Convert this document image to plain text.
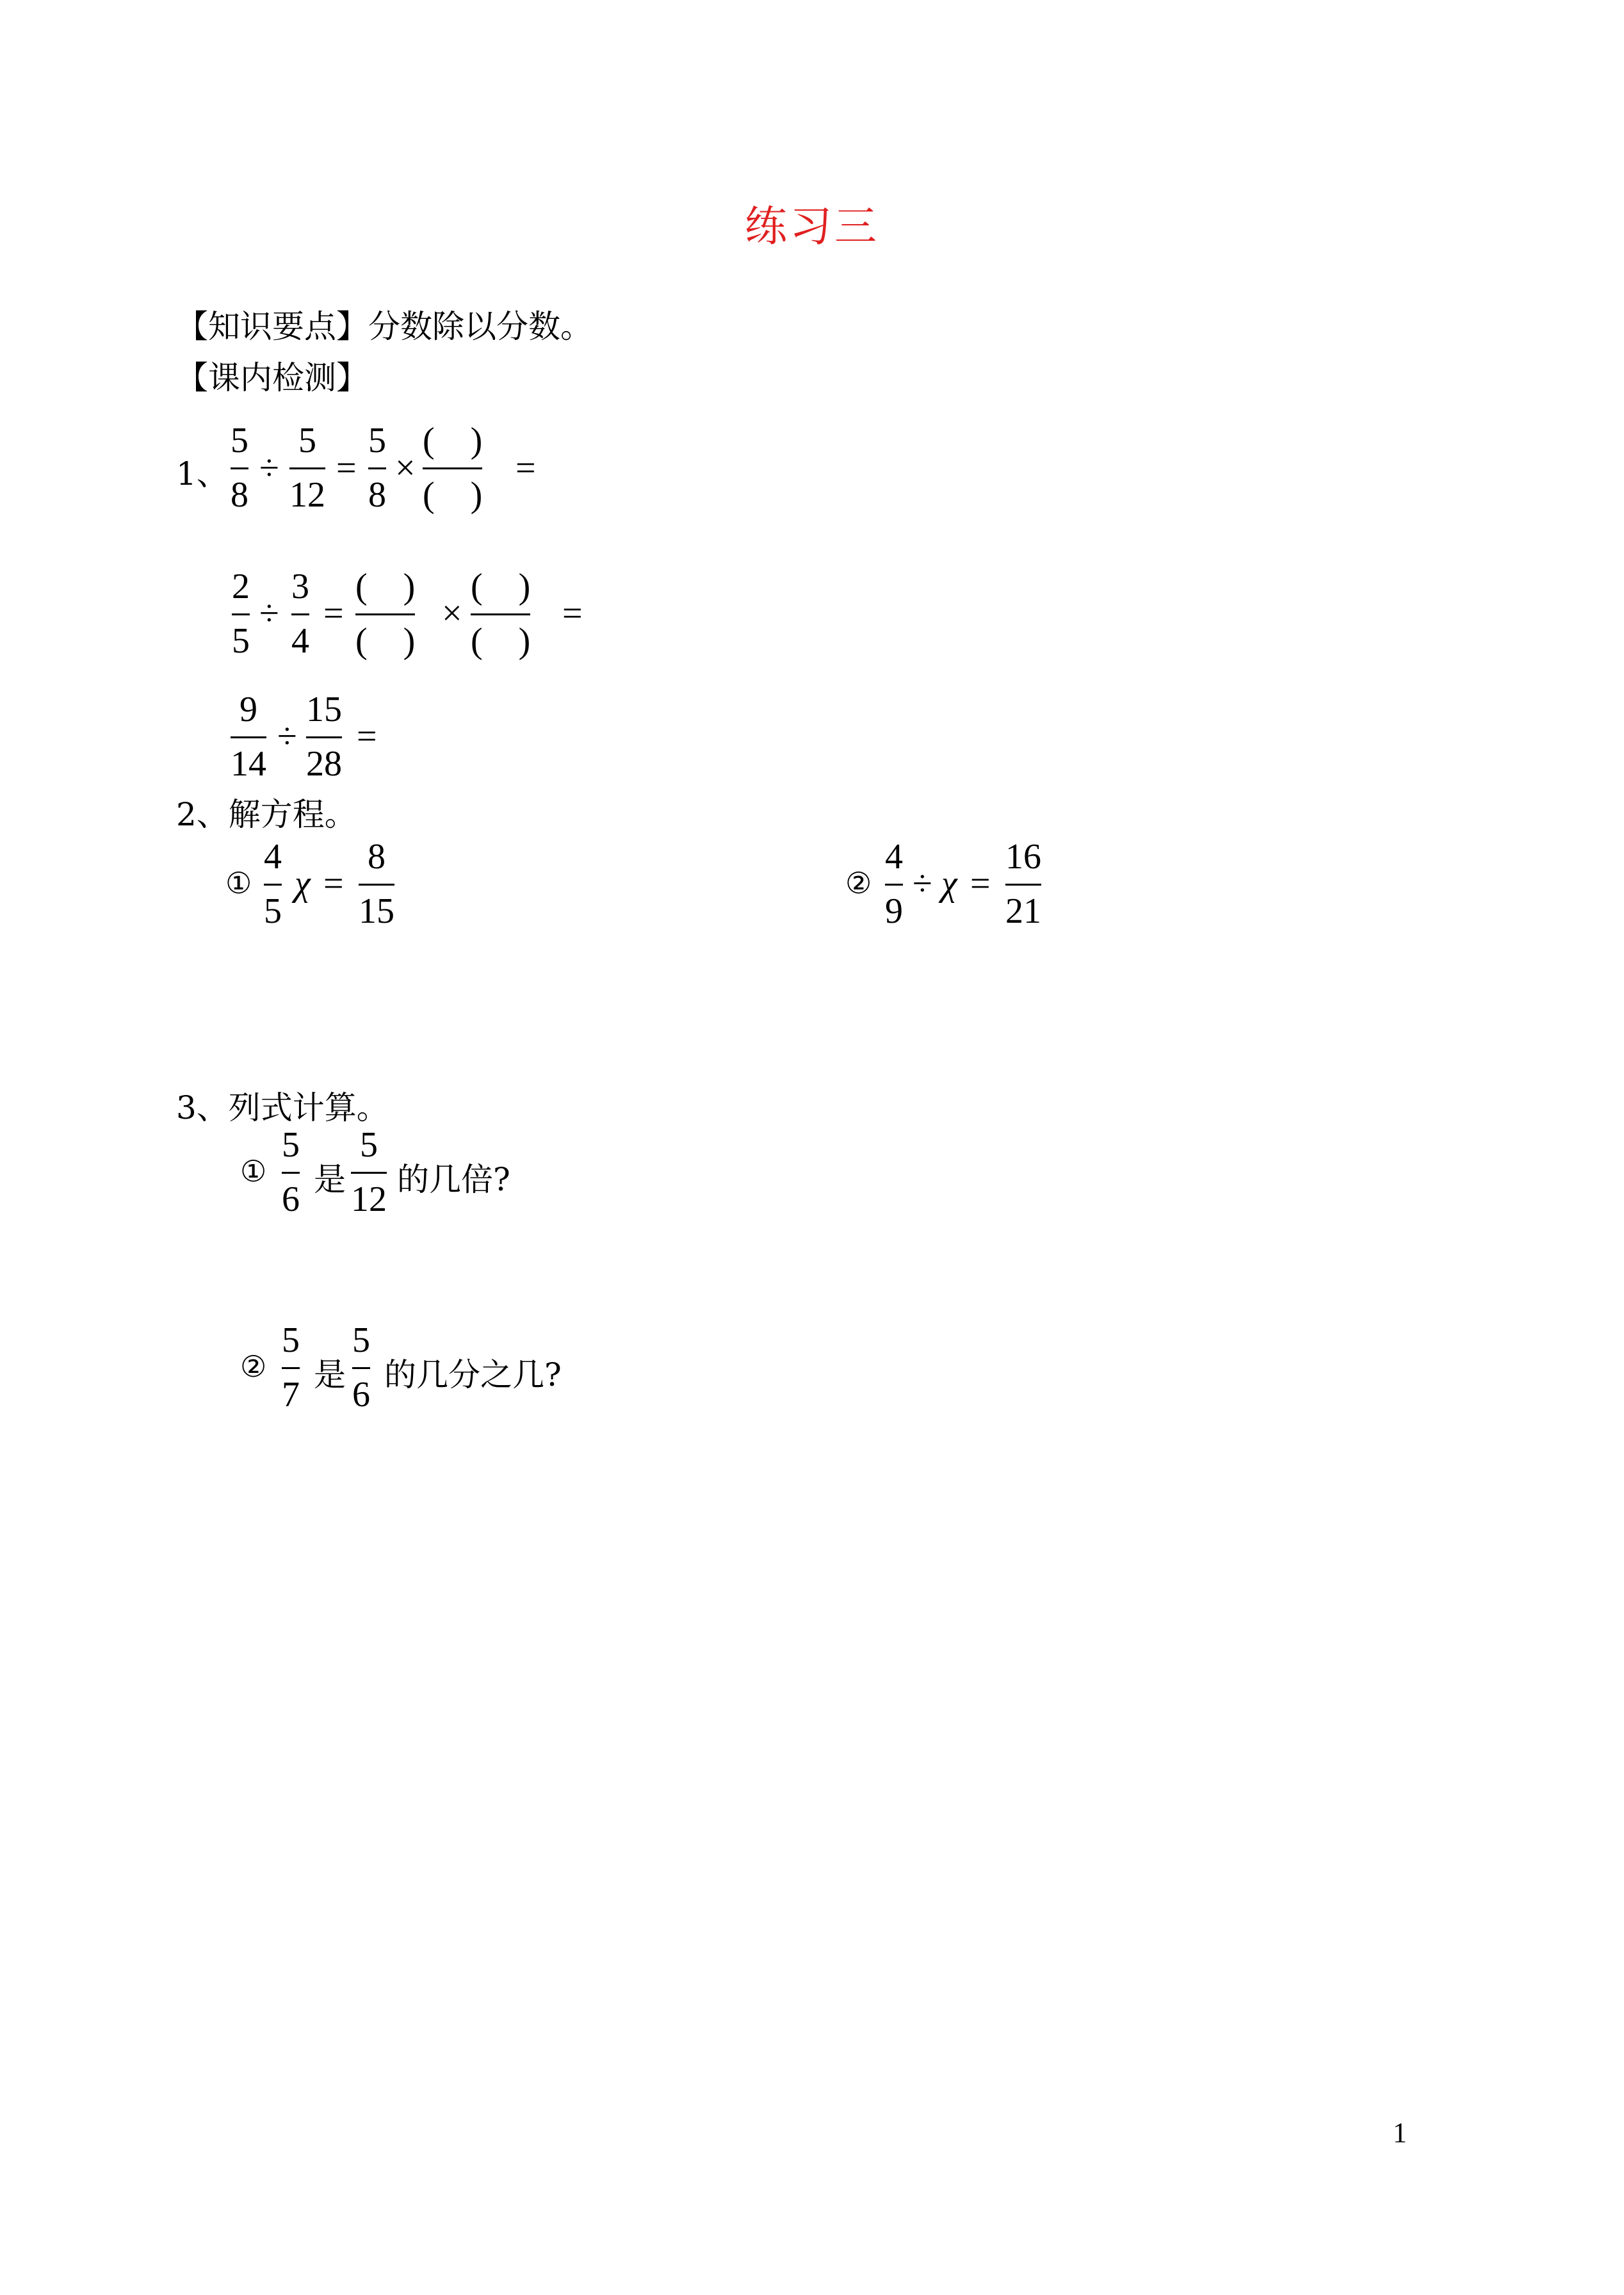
练习三
【知识要点】分数除以分数。
【课内检测】
1、
5
8
÷
5
12
=
5
8
×
(    )
(    )
=
2
5
÷
3
4
=
(    )
(    )
×
(    )
(    )
=
9
14
÷
15
28
=
2、解方程。
①
4
5
χ =
8
15
②
4
9
÷ χ =
16
21
3、列式计算。
①
5
6 是
5
12 的几倍?
②
5
7 是
5
6 的几分之几?
1
